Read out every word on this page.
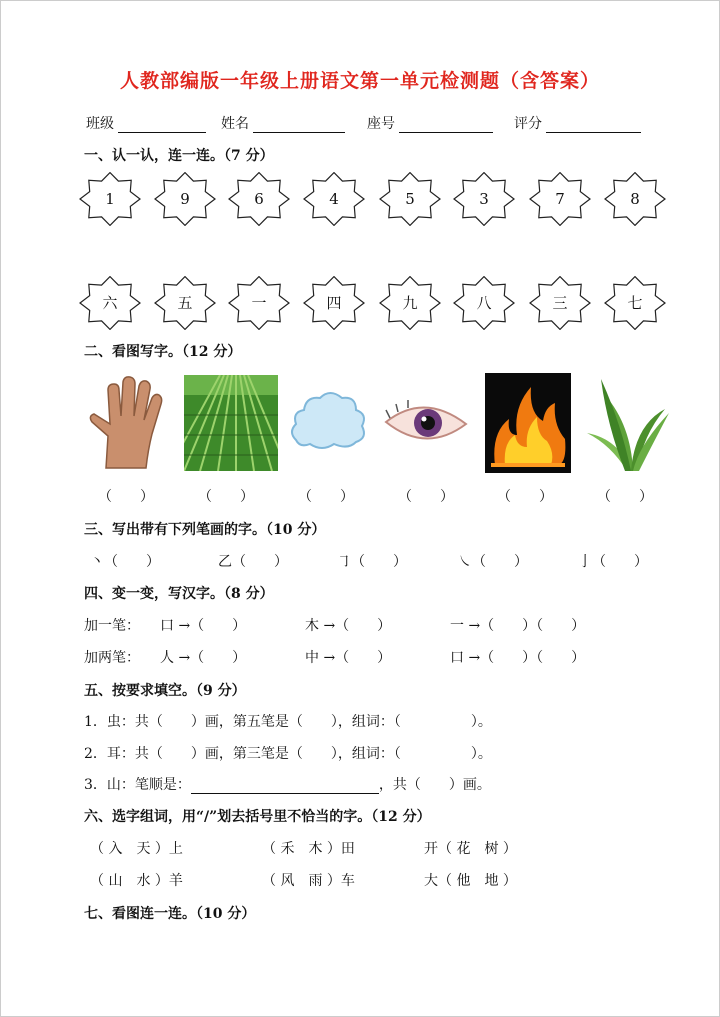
人教部编版一年级上册语文第一单元检测题（含答案）
班级	姓名	座号	评分
一、认一认，连一连。（7 分）
1	9	6	4	5	3	7	8
六	五	一	四	九	八	三	七
二、看图写字。（12 分）
（　　）	（　　）	（　　）	（　　）	（　　）	（　　）
三、写出带有下列笔画的字。（10 分）
丶（　　）	乙（　　）	㇆（　　）	㇏（　　）	亅（　　）
四、变一变，写汉字。（8 分）
加一笔： 口 →（　　）	木 →（　　）	一 →（　　）（　　）
加两笔： 人 →（　　）	中 →（　　）	口 →（　　）（　　）
五、按要求填空。（9 分）
1．虫：共（　　）画，第五笔是（　　），组词：（　　　　　）。
2．耳：共（　　）画，第三笔是（　　），组词：（　　　　　）。
3．山：笔顺是：	，共（　　）画。
六、选字组词，用“/”划去括号里不恰当的字。（12 分）
（ 入　天 ）上	（ 禾　木 ）田	开（ 花　树 ）
（ 山　水 ）羊	（ 风　雨 ）车	大（ 他　地 ）
七、看图连一连。（10 分）
